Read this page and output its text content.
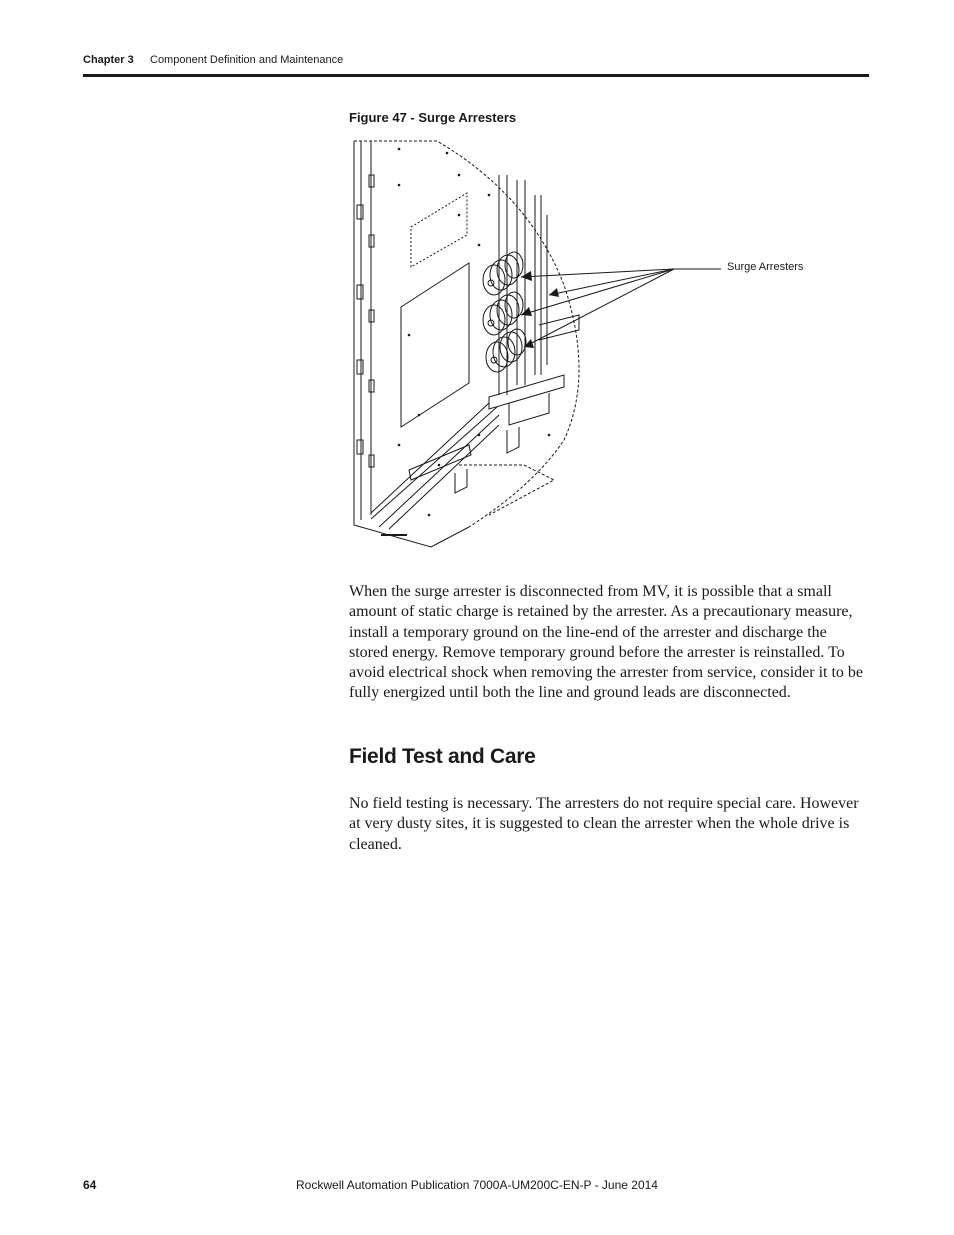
Chapter 3 Component Definition and Maintenance
Figure 47 - Surge Arresters
Surge Arresters
When the surge arrester is disconnected from MV, it is possible that a small amount of static charge is retained by the arrester. As a precautionary measure, install a temporary ground on the line-end of the arrester and discharge the stored energy. Remove temporary ground before the arrester is reinstalled. To avoid electrical shock when removing the arrester from service, consider it to be fully energized until both the line and ground leads are disconnected.
Field Test and Care
No field testing is necessary. The arresters do not require special care. However at very dusty sites, it is suggested to clean the arrester when the whole drive is cleaned.
64	Rockwell Automation Publication 7000A-UM200C-EN-P - June 2014
